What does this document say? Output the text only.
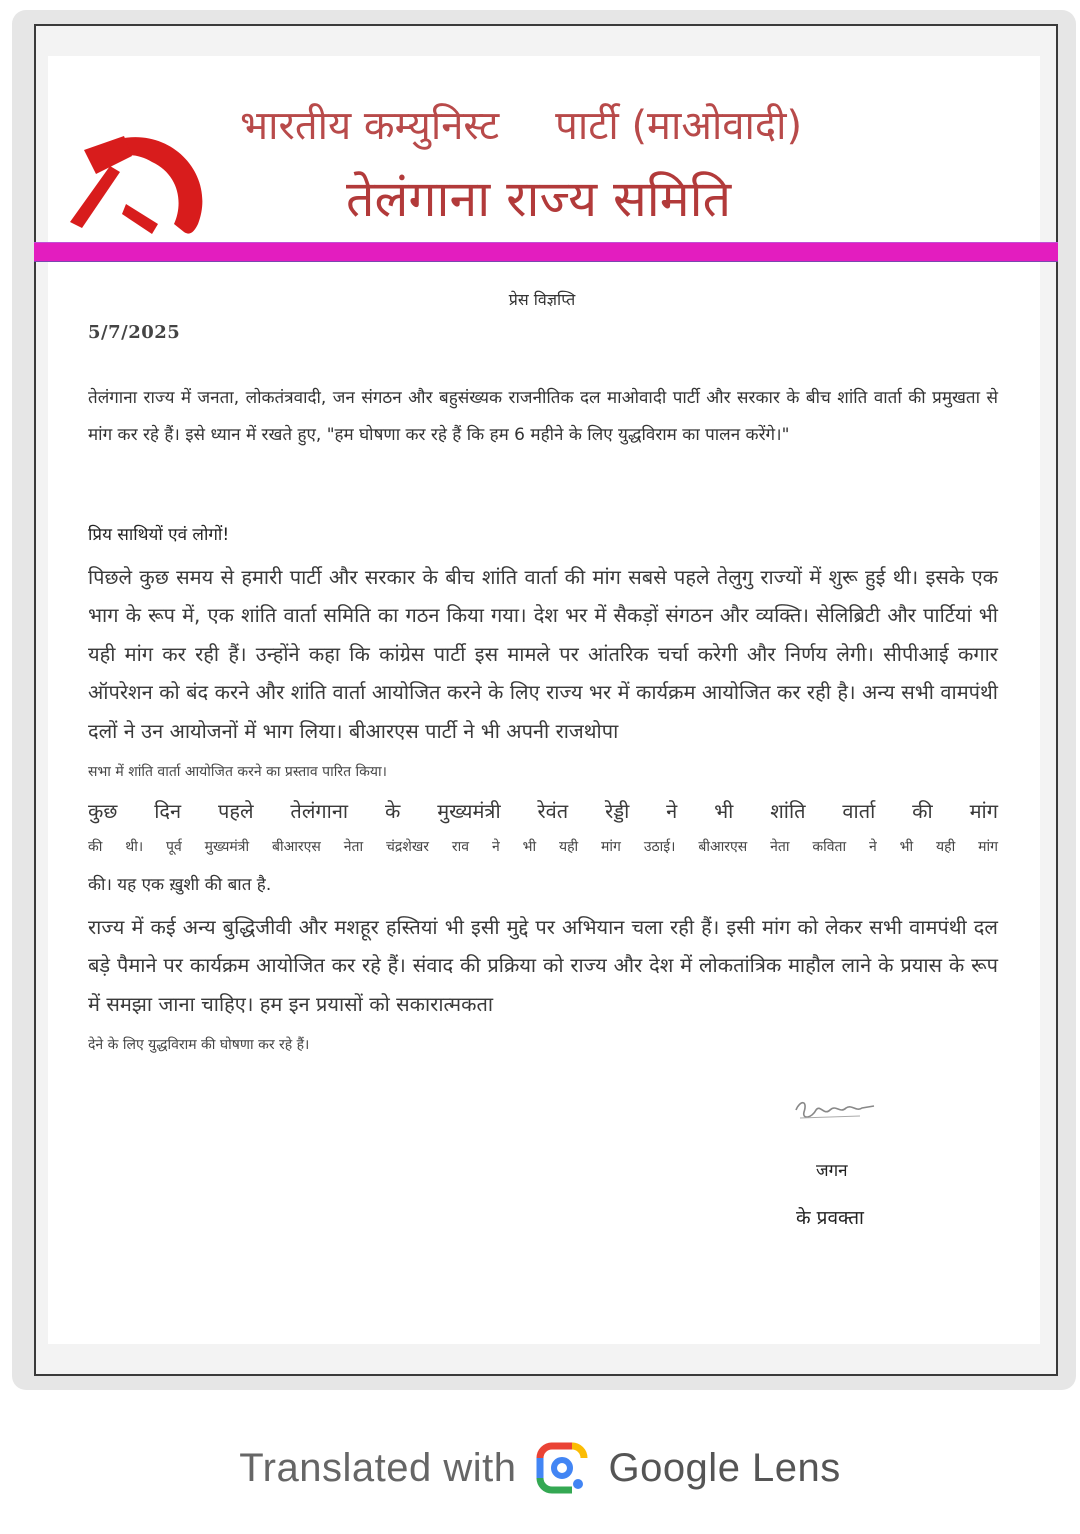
भारतीय कम्युनिस्ट पार्टी (माओवादी)
तेलंगाना राज्य समिति
प्रेस विज्ञप्ति
5/7/2025
तेलंगाना राज्य में जनता, लोकतंत्रवादी, जन संगठन और बहुसंख्यक राजनीतिक दल माओवादी पार्टी और सरकार के बीच शांति वार्ता की प्रमुखता से मांग कर रहे हैं। इसे ध्यान में रखते हुए, "हम घोषणा कर रहे हैं कि हम 6 महीने के लिए युद्धविराम का पालन करेंगे।"
प्रिय साथियों एवं लोगों!
पिछले कुछ समय से हमारी पार्टी और सरकार के बीच शांति वार्ता की मांग सबसे पहले तेलुगु राज्यों में शुरू हुई थी। इसके एक भाग के रूप में, एक शांति वार्ता समिति का गठन किया गया। देश भर में सैकड़ों संगठन और व्यक्ति। सेलिब्रिटी और पार्टियां भी यही मांग कर रही हैं। उन्होंने कहा कि कांग्रेस पार्टी इस मामले पर आंतरिक चर्चा करेगी और निर्णय लेगी। सीपीआई कगार ऑपरेशन को बंद करने और शांति वार्ता आयोजित करने के लिए राज्य भर में कार्यक्रम आयोजित कर रही है। अन्य सभी वामपंथी दलों ने उन आयोजनों में भाग लिया। बीआरएस पार्टी ने भी अपनी राजथोपा
सभा में शांति वार्ता आयोजित करने का प्रस्ताव पारित किया।
कुछ दिन पहले तेलंगाना के मुख्यमंत्री रेवंत रेड्डी ने भी शांति वार्ता की मांग
की थी। पूर्व मुख्यमंत्री बीआरएस नेता चंद्रशेखर राव ने भी यही मांग उठाई। बीआरएस नेता कविता ने भी यही मांग
की। यह एक ख़ुशी की बात है.
राज्य में कई अन्य बुद्धिजीवी और मशहूर हस्तियां भी इसी मुद्दे पर अभियान चला रही हैं। इसी मांग को लेकर सभी वामपंथी दल बड़े पैमाने पर कार्यक्रम आयोजित कर रहे हैं। संवाद की प्रक्रिया को राज्य और देश में लोकतांत्रिक माहौल लाने के प्रयास के रूप में समझा जाना चाहिए। हम इन प्रयासों को सकारात्मकता
देने के लिए युद्धविराम की घोषणा कर रहे हैं।
जगन
के प्रवक्ता
Translated with Google Lens
